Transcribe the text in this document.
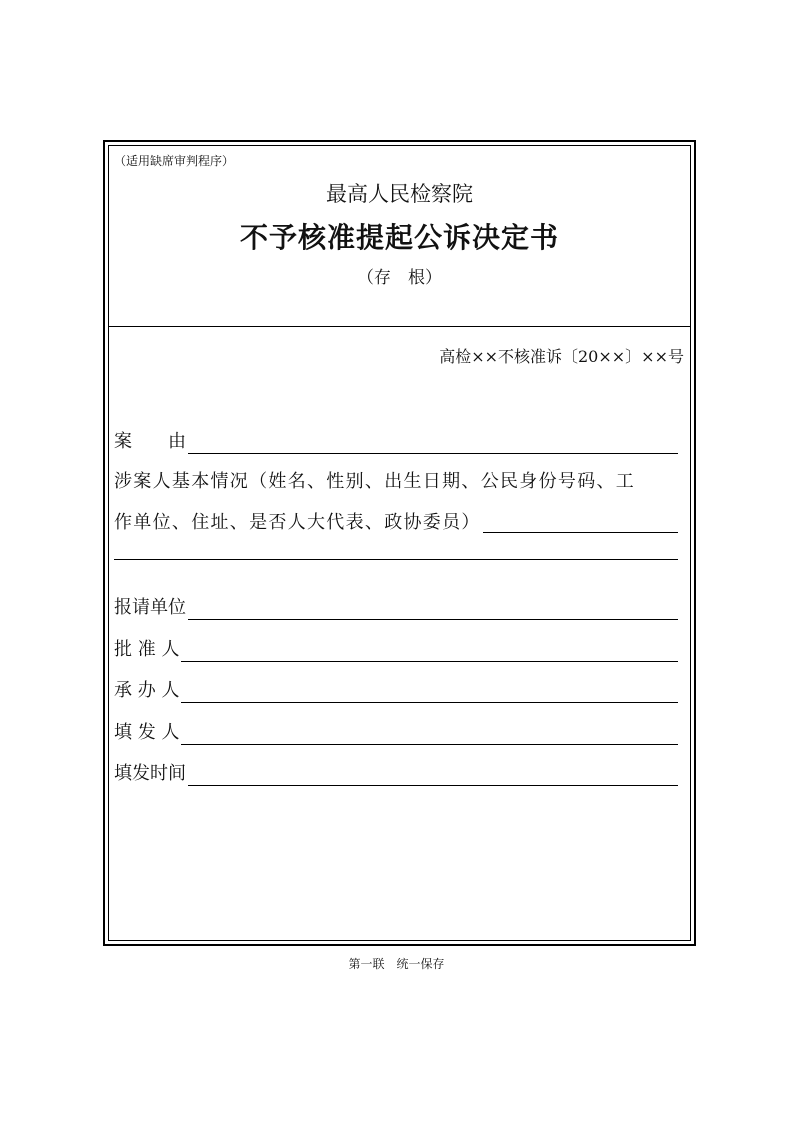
（适用缺席审判程序）
最高人民检察院
不予核准提起公诉决定书
（存　根）
高检××不核准诉〔20××〕××号
案　　由
涉案人基本情况（姓名、性别、出生日期、公民身份号码、工
作单位、住址、是否人大代表、政协委员）
报请单位
批 准 人
承 办 人
填 发 人
填发时间
第一联　统一保存
